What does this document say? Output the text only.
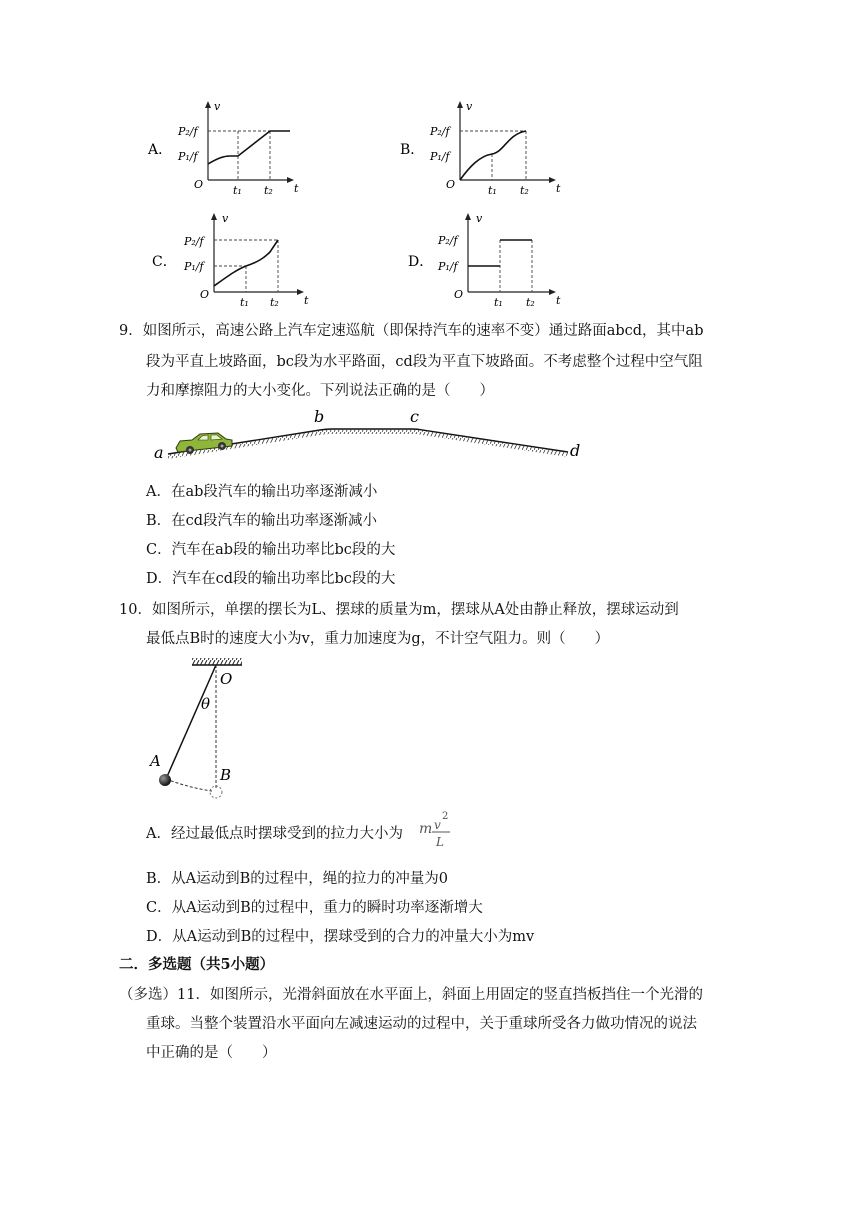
A．
v
t
O
P₂/f
P₁/f
t₁ t₂
B．
v
t
O
P₂/f
P₁/f
t₁ t₂
C．
v
t
O
P₂/f
P₁/f
t₁ t₂
D．
v
t
O
P₂/f
P₁/f
t₁ t₂
9．如图所示，高速公路上汽车定速巡航（即保持汽车的速率不变）通过路面abcd，其中ab
段为平直上坡路面，bc段为水平路面，cd段为平直下坡路面。不考虑整个过程中空气阻
力和摩擦阻力的大小变化。下列说法正确的是（　　）
a
b	c
d
A．在ab段汽车的输出功率逐渐减小
B．在cd段汽车的输出功率逐渐减小
C．汽车在ab段的输出功率比bc段的大
D．汽车在cd段的输出功率比bc段的大
10．如图所示，单摆的摆长为L、摆球的质量为m，摆球从A处由静止释放，摆球运动到
最低点B时的速度大小为v，重力加速度为g，不计空气阻力。则（　　）
O
θ
A
B
A．经过最低点时摆球受到的拉力大小为 m v
2
L
B．从A运动到B的过程中，绳的拉力的冲量为0
C．从A运动到B的过程中，重力的瞬时功率逐渐增大
D．从A运动到B的过程中，摆球受到的合力的冲量大小为mv
二．多选题（共5小题）
（多选）11．如图所示，光滑斜面放在水平面上，斜面上用固定的竖直挡板挡住一个光滑的
重球。当整个装置沿水平面向左减速运动的过程中，关于重球所受各力做功情况的说法
中正确的是（　　）
